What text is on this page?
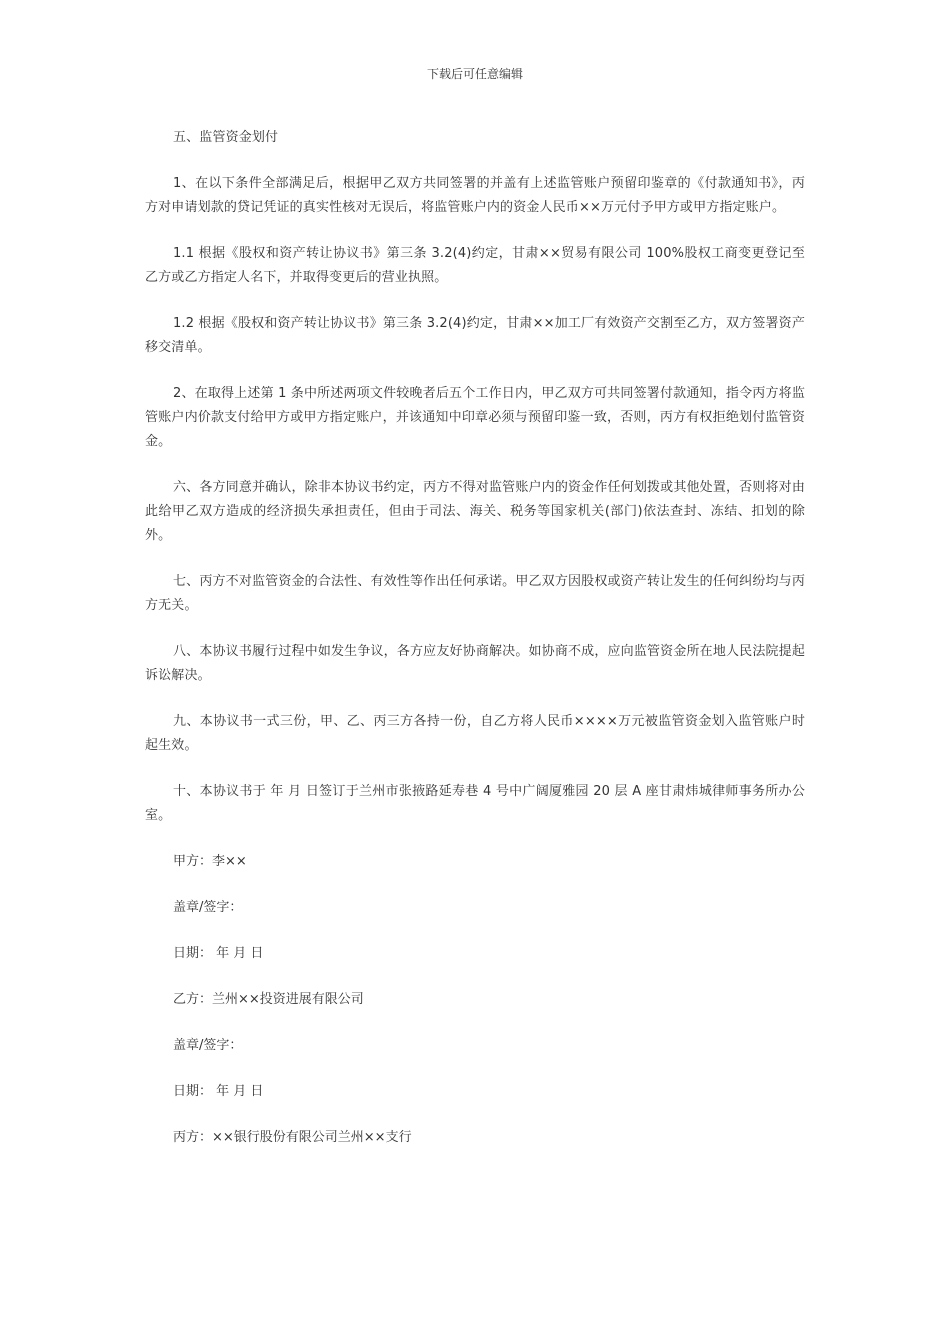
下载后可任意编辑

五、监管资金划付

1、在以下条件全部满足后，根据甲乙双方共同签署的并盖有上述监管账户预留印鉴章的《付款通知书》，丙方对申请划款的贷记凭证的真实性核对无误后，将监管账户内的资金人民币××万元付予甲方或甲方指定账户。

1.1 根据《股权和资产转让协议书》第三条 3.2(4)约定，甘肃××贸易有限公司 100%股权工商变更登记至乙方或乙方指定人名下，并取得变更后的营业执照。

1.2 根据《股权和资产转让协议书》第三条 3.2(4)约定，甘肃××加工厂有效资产交割至乙方，双方签署资产移交清单。

2、在取得上述第 1 条中所述两项文件较晚者后五个工作日内，甲乙双方可共同签署付款通知，指令丙方将监管账户内价款支付给甲方或甲方指定账户，并该通知中印章必须与预留印鉴一致，否则，丙方有权拒绝划付监管资金。

六、各方同意并确认，除非本协议书约定，丙方不得对监管账户内的资金作任何划拨或其他处置，否则将对由此给甲乙双方造成的经济损失承担责任，但由于司法、海关、税务等国家机关(部门)依法查封、冻结、扣划的除外。

七、丙方不对监管资金的合法性、有效性等作出任何承诺。甲乙双方因股权或资产转让发生的任何纠纷均与丙方无关。

八、本协议书履行过程中如发生争议，各方应友好协商解决。如协商不成，应向监管资金所在地人民法院提起诉讼解决。

九、本协议书一式三份，甲、乙、丙三方各持一份，自乙方将人民币××××万元被监管资金划入监管账户时起生效。

十、本协议书于 年 月 日签订于兰州市张掖路延寿巷 4 号中广阔厦雅园 20 层 A 座甘肃炜城律师事务所办公室。

甲方：李××

盖章/签字：

日期： 年 月 日

乙方：兰州××投资进展有限公司

盖章/签字：

日期： 年 月 日

丙方：××银行股份有限公司兰州××支行
